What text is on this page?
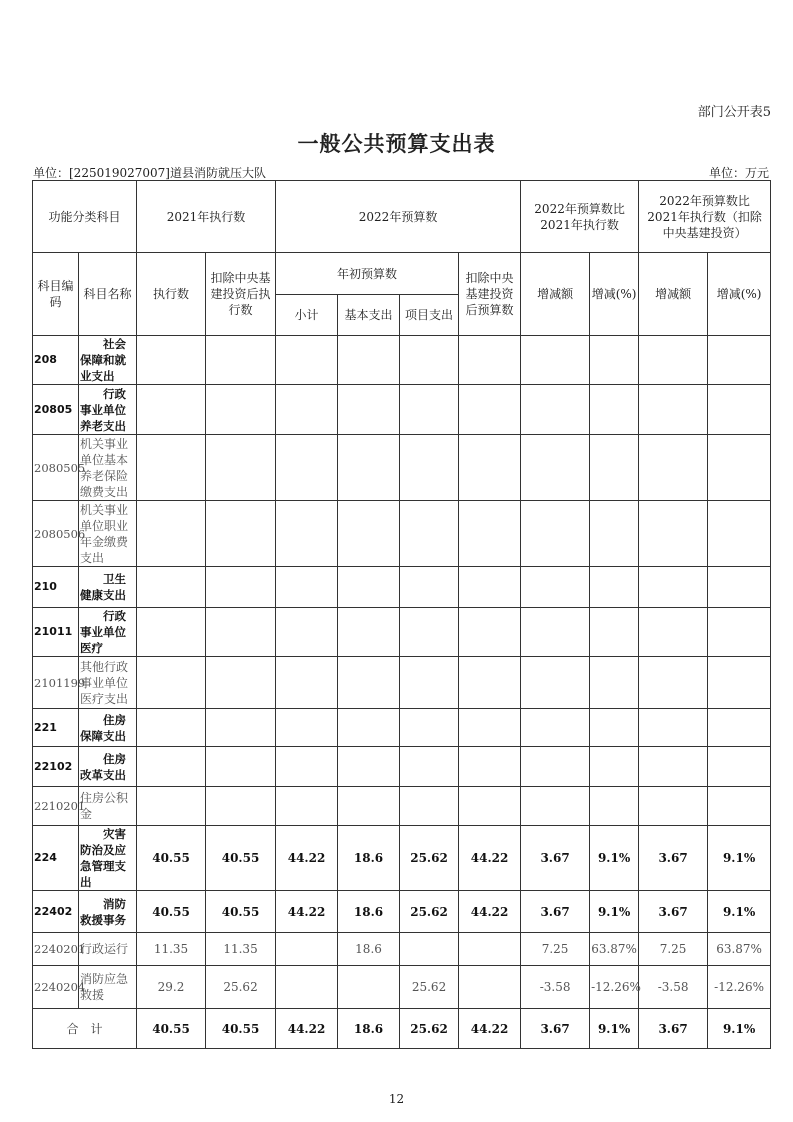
部门公开表5
一般公共预算支出表
单位：[225019027007]道县消防就压大队	单位：万元
功能分类科目		2021年执行数		2022年预算数				2022年预算数比2021年执行数		2022年预算数比2021年执行数（扣除中央基建投资）	
科目编码	科目名称	执行数	扣除中央基建投资后执行数	年初预算数			扣除中央基建投资后预算数	增减额	增减(%)	增减额	增减(%)
				小计	基本支出	项目支出					
208	社会保障和就业支出										
20805	行政事业单位养老支出										
2080505	机关事业单位基本养老保险缴费支出										
2080506	机关事业单位职业年金缴费支出										
210	卫生健康支出										
21011	行政事业单位医疗										
2101199	其他行政事业单位医疗支出										
221	住房保障支出										
22102	住房改革支出										
2210201	住房公积金										
224	灾害防治及应急管理支出	40.55	40.55	44.22	18.6	25.62	44.22	3.67	9.1%	3.67	9.1%
22402	消防救援事务	40.55	40.55	44.22	18.6	25.62	44.22	3.67	9.1%	3.67	9.1%
2240201	行政运行	11.35	11.35		18.6			7.25	63.87%	7.25	63.87%
2240204	消防应急救援	29.2	25.62			25.62		-3.58	-12.26%	-3.58	-12.26%
合　计		40.55	40.55	44.22	18.6	25.62	44.22	3.67	9.1%	3.67	9.1%
12
